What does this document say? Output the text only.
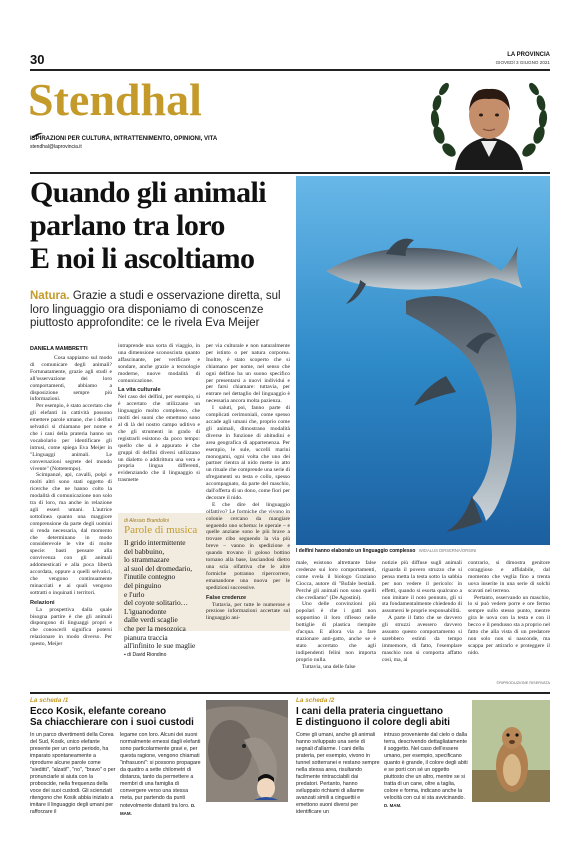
30	LA PROVINCIA
GIOVEDÌ 3 GIUGNO 2021
Stendhal
ISPIRAZIONI PER CULTURA, INTRATTENIMENTO, OPINIONI, VITA
stendhal@laprovincia.it
Quando gli animali
parlano tra loro
E noi li ascoltiamo
Natura. Grazie a studi e osservazione diretta, sul loro linguaggio ora disponiamo di conoscenze piuttosto approfondite: ce le rivela Eva Meijer
I delfini hanno elaborato un linguaggio complesso WIDALUS DIRSERNA/ORSINI
DANIELA MAMBRETTI

Cosa sappiamo sul modo di comunicare degli animali? Fortunatamente, grazie agli studi e all'osservazione dei loro comportamenti, abbiamo a disposizione sempre più informazioni.

Per esempio, è stato accertato che gli elefanti in cattività possono emettere parole umane, che i delfini selvatici si chiamano per nome e che i cani della prateria hanno un vocabolario per identificare gli intrusi, come spiega Eva Meijer in "Linguaggi animali. Le conversazioni segrete del mondo vivente" (Nottetempo).

Scimpanzé, api, cavalli, polpi e molti altri sono stati oggetto di ricerche che ne hanno colto la modalità di comunicazione non solo tra di loro, ma anche in relazione agli esseri umani. L'autrice sottolinea quanto una maggiore comprensione da parte degli uomini si renda necessaria, dal momento che determinano in modo considerevole le vite di molte specie: basti pensare alla convivenza con gli animali addomesticati e alla poca libertà accordata, oppure a quelli selvatici, che vengono continuamente minacciati e ai quali vengono sottratti o inquinati i territori.

Relazioni

La prospettiva dalla quale bisogna partire è che gli animali dispongono di linguaggi propri e che conoscerli significa potersi relazionare in modo diverso. Per questo, Meijer

intraprende una sorta di viaggio, in una dimensione sconosciuta quanto affascinante, per verificare e sondare, anche grazie a tecnologie moderne, nuove modalità di comunicazione.

La vita culturale

Nel caso dei delfini, per esempio, si è accertato che utilizzano un linguaggio molto complesso, che molti dei suoni che emettono sono al di là del nostro campo uditivo e che gli strumenti in grado di registrarli esistono da poco tempo: quello che si è appurato è che gruppi di delfini diversi utilizzano un dialetto o addirittura una vera e propria lingua differenti, evidenziando che il linguaggio si trasmette

di Alessio Brandolini
Parole di musica
Il grido intermittente
del babbuino,
lo strammazare
al suol del dromedario,
l'inutile contegno
del pinguino
e l'urlo
del coyote solitario…
L'iguanodonte
dalle verdi scaglie
che per la mesozoica
pianura traccia
all'infinito le sue maglie
▪ di David Riondino

per via culturale e non naturalmente per istinto o per natura corporea. Inoltre, è stato scoperto che si chiamano per nome, nel senso che ogni delfino ha un suono specifico per presentarsi a nuovi individui e per farsi chiamare: tuttavia, per entrare nel dettaglio del linguaggio è necessaria ancora molta pazienza.

I saluti, poi, fanno parte di complicati cerimoniali, come spesso accade agli umani che, proprio come gli animali, dimostrano modalità diverse in funzione di abitudini e area geografica di appartenenza. Per esempio, le sule, uccelli marini monogami, ogni volta che uno dei partner rientra al nido mette in atto un rituale che comprende una serie di sfregamenti su testa e collo, spesso accompagnato, da parte del maschio, dall'offerta di un dono, come fiori per decorare il nido.

E che dire del linguaggio olfattivo? Le formiche che vivono in colonie cercano da mangiare seguendo uno schema: le operaie – e quelle anziane sono le più brave a trovare cibo seguendo la via più breve – vanno in spedizione e quando trovano il goloso bottino tornano alla base, lasciandosi dietro una scia olfattiva che le altre formiche potranno ripercorrere, emanandone una nuova per le spedizioni successive.

False credenze

Tuttavia, per tutte le numerose e preziose informazioni accertate sul linguaggio ani-

male, esistono altrettante false credenze sui loro comportamenti, come svela il biologo Graziano Ciocca, autore di "Bufale bestiali. Perché gli animali non sono quelli che crediamo" (De Agostini).

Uno delle convinzioni più popolari è che i gatti non sopportino il loro riflesso nelle bottiglie di plastica riempite d'acqua. E allora via a fare stazionare anti-gatto, anche se è stato accertato che agli indipendenti felini non importa proprio nulla.

Tuttavia, una delle false

notizie più diffuse sugli animali riguarda il povero struzzo che si pensa metta la testa sotto la sabbia per non vedere il pericolo: in effetti, quando si esorta qualcuno a non imitare il noto pennuto, gli si sta fondamentalmente chiedendo di assumersi le proprie responsabilità.

A parte il fatto che se davvero gli struzzi avessero davvero assunto questo comportamento si sarebbero estinti da tempo immemore, di fatto, l'esemplare maschio non si comporta affatto così, ma, al

contrario, si dimostra genitore coraggioso e affidabile, dal momento che veglia fino a trenta uova inserite in una serie di solchi scavati nel terreno.

Pertanto, osservando un maschio, lo si può vedere porre e ore fermo sempre sullo stesso punto, mentre gira le uova con la testa e con il becco e il pendusso sta a proprio nel fatto che alla vista di un predatore non solo non si nasconde, ma scappa per attirarlo e proteggere il nido.

©RIPRODUZIONE RISERVATA
La scheda /1
Ecco Kosik, elefante coreano
Sa chiacchierare con i suoi custodi
In un parco divertimenti della Corea del Sud, Kosik, unico elefante presente per un certo periodo, ha imparato spontaneamente a riprodurre alcune parole come "sieditti", "alzati!", "no", "bravo" o per pronunciarle si aiuta con la proboscide, nella frequenza della voce dei suoi custodi. Gli scienziati ritengono che Kosik abbia iniziato a imitare il linguaggio degli umani per rafforzare il
legame con loro. Alcuni dei suoni normalmente emessi dagli elefanti sono particolarmente gravi e, per questa ragione, vengono chiamati "infrasuoni": si possono propagare da quattro a sette chilometri di distanza, tanto da permettere a membri di una famiglia di convergere verso una stessa meta, pur partendo da punti notevolmente distanti tra loro. D. MAM.
La scheda /2
I cani della prateria cinguettano
E distinguono il colore degli abiti
Come gli umani, anche gli animali hanno sviluppato una serie di segnali d'allarme. I cani della prateria, per esempio, vivono in tunnel sotterranei e restano sempre nella stessa area, risultando facilmente rintracciabili dai predatori. Pertanto, hanno sviluppato richiami di allarme avanzati simili a cinguettii e emettono suoni diversi per identificare un
intruso proveniente dal cielo o dalla terra, descrivendo dettagliatamente il soggetto. Nel caso dell'essere umano, per esempio, specificano quanto è grande, il colore degli abiti e se porti con sé un oggetto piuttosto che un altro, mentre se si tratta di un cane, oltre a taglia, colore e forma, indicano anche la velocità con cui si sta avvicinando. D. MAM.
